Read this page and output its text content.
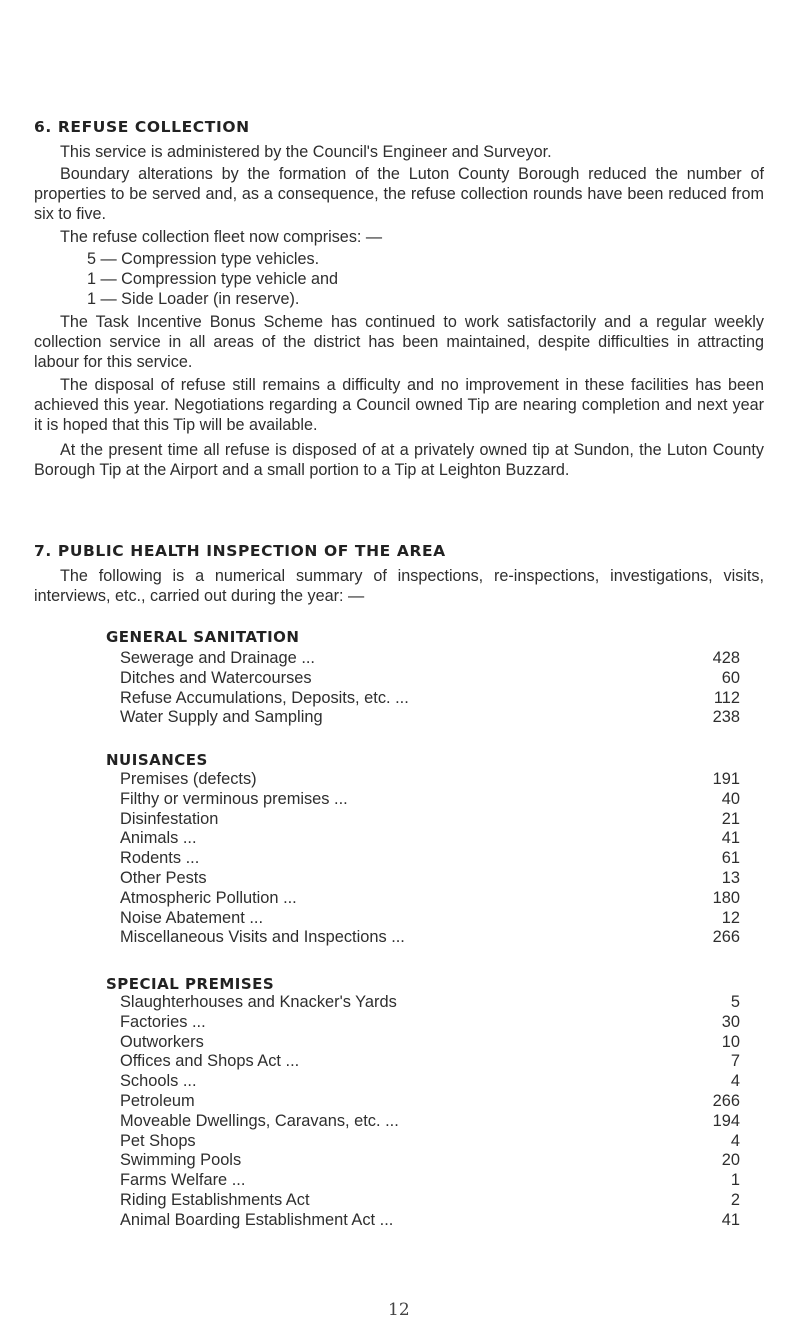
6. REFUSE COLLECTION

This service is administered by the Council's Engineer and Surveyor.

Boundary alterations by the formation of the Luton County Borough reduced the number of properties to be served and, as a consequence, the refuse collection rounds have been reduced from six to five.

The refuse collection fleet now comprises: —

5 — Compression type vehicles.
1 — Compression type vehicle and
1 — Side Loader (in reserve).

The Task Incentive Bonus Scheme has continued to work satisfactorily and a regular weekly collection service in all areas of the district has been maintained, despite difficulties in attracting labour for this service.

The disposal of refuse still remains a difficulty and no improvement in these facilities has been achieved this year. Negotiations regarding a Council owned Tip are nearing completion and next year it is hoped that this Tip will be available.

At the present time all refuse is disposed of at a privately owned tip at Sundon, the Luton County Borough Tip at the Airport and a small portion to a Tip at Leighton Buzzard.

7. PUBLIC HEALTH INSPECTION OF THE AREA

The following is a numerical summary of inspections, re-inspections, investigations, visits, interviews, etc., carried out during the year: —

GENERAL SANITATION
Sewerage and Drainage ...	428
Ditches and Watercourses	60
Refuse Accumulations, Deposits, etc. ...	112
Water Supply and Sampling	238
NUISANCES
Premises (defects)	191
Filthy or verminous premises ...	40
Disinfestation	21
Animals ...	41
Rodents ...	61
Other Pests	13
Atmospheric Pollution ...	180
Noise Abatement ...	12
Miscellaneous Visits and Inspections ...	266
SPECIAL PREMISES
Slaughterhouses and Knacker's Yards	5
Factories ...	30
Outworkers	10
Offices and Shops Act ...	7
Schools ...	4
Petroleum	266
Moveable Dwellings, Caravans, etc. ...	194
Pet Shops	4
Swimming Pools	20
Farms Welfare ...	1
Riding Establishments Act	2
Animal Boarding Establishment Act ...	41
12
